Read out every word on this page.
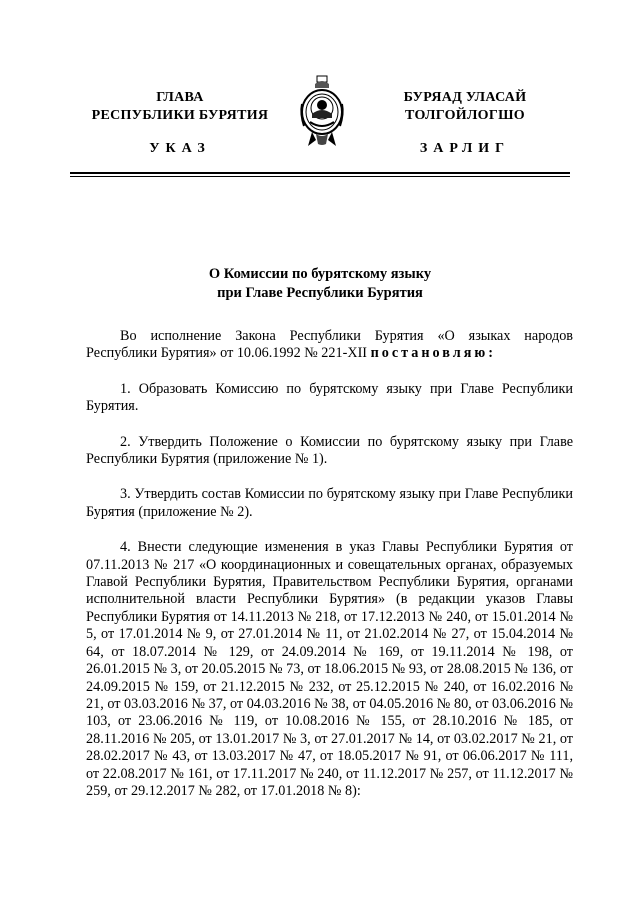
ГЛАВА
РЕСПУБЛИКИ БУРЯТИЯ
БУРЯАД УЛАСАЙ
ТОЛГОЙЛОГШО
УКАЗ	ЗАРЛИГ
О Комиссии по бурятскому языку
при Главе Республики Бурятия

Во исполнение Закона Республики Бурятия «О языках народов Республики Бурятия» от 10.06.1992 № 221-XII постановляю:

1. Образовать Комиссию по бурятскому языку при Главе Республики Бурятия.

2. Утвердить Положение о Комиссии по бурятскому языку при Главе Республики Бурятия (приложение № 1).

3. Утвердить состав Комиссии по бурятскому языку при Главе Республики Бурятия (приложение № 2).

4. Внести следующие изменения в указ Главы Республики Бурятия от 07.11.2013 № 217 «О координационных и совещательных органах, образуемых Главой Республики Бурятия, Правительством Республики Бурятия, органами исполнительной власти Республики Бурятия» (в редакции указов Главы Республики Бурятия от 14.11.2013 № 218, от 17.12.2013 № 240, от 15.01.2014 № 5, от 17.01.2014 № 9, от 27.01.2014 № 11, от 21.02.2014 № 27, от 15.04.2014 № 64, от 18.07.2014 № 129, от 24.09.2014 № 169, от 19.11.2014 № 198, от 26.01.2015 № 3, от 20.05.2015 № 73, от 18.06.2015 № 93, от 28.08.2015 № 136, от 24.09.2015 № 159, от 21.12.2015 № 232, от 25.12.2015 № 240, от 16.02.2016 № 21, от 03.03.2016 № 37, от 04.03.2016 № 38, от 04.05.2016 № 80, от 03.06.2016 № 103, от 23.06.2016 № 119, от 10.08.2016 № 155, от 28.10.2016 № 185, от 28.11.2016 № 205, от 13.01.2017 № 3, от 27.01.2017 № 14, от 03.02.2017 № 21, от 28.02.2017 № 43, от 13.03.2017 № 47, от 18.05.2017 № 91, от 06.06.2017 № 111, от 22.08.2017 № 161, от 17.11.2017 № 240, от 11.12.2017 № 257, от 11.12.2017 № 259, от 29.12.2017 № 282, от 17.01.2018 № 8):
